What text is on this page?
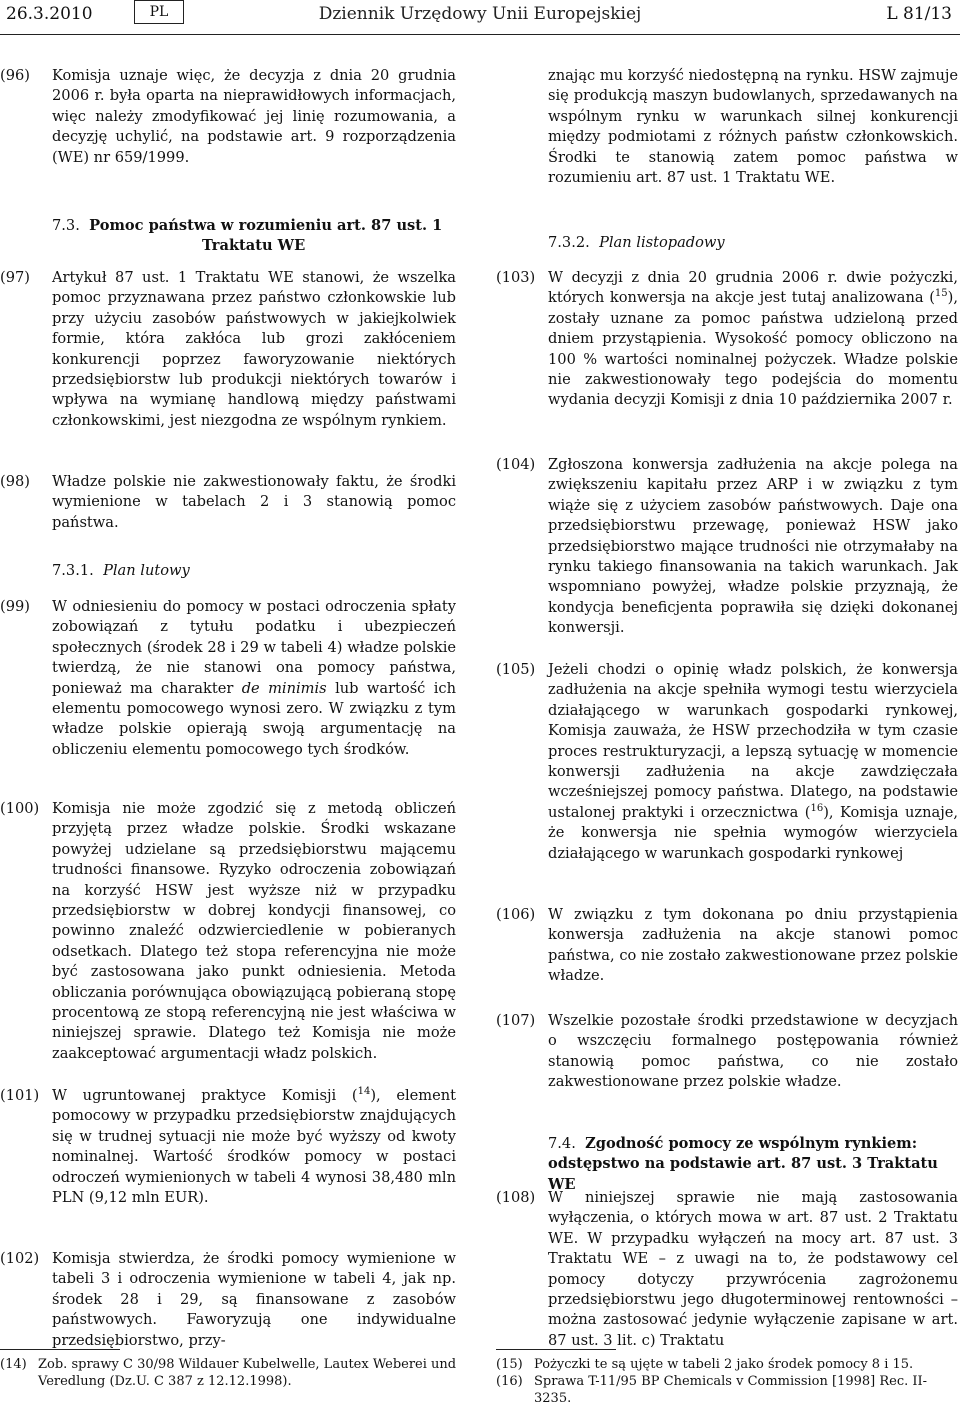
26.3.2010	PL	Dziennik Urzędowy Unii Europejskiej	L 81/13
(96) Komisja uznaje więc, że decyzja z dnia 20 grudnia 2006 r. była oparta na nieprawidłowych informacjach, więc należy zmodyfikować jej linię rozumowania, a decyzję uchylić, na podstawie art. 9 rozporządzenia (WE) nr 659/1999.
7.3. Pomoc państwa w rozumieniu art. 87 ust. 1
Traktatu WE
(97) Artykuł 87 ust. 1 Traktatu WE stanowi, że wszelka pomoc przyznawana przez państwo członkowskie lub przy użyciu zasobów państwowych w jakiejkolwiek formie, która zakłóca lub grozi zakłóceniem konkurencji poprzez faworyzowanie niektórych przedsiębiorstw lub produkcji niektórych towarów i wpływa na wymianę handlową między państwami członkowskimi, jest niezgodna ze wspólnym rynkiem.
(98) Władze polskie nie zakwestionowały faktu, że środki wymienione w tabelach 2 i 3 stanowią pomoc państwa.
7.3.1. Plan lutowy
(99) W odniesieniu do pomocy w postaci odroczenia spłaty zobowiązań z tytułu podatku i ubezpieczeń społecznych (środek 28 i 29 w tabeli 4) władze polskie twierdzą, że nie stanowi ona pomocy państwa, ponieważ ma charakter de minimis lub wartość ich elementu pomocowego wynosi zero. W związku z tym władze polskie opierają swoją argumentację na obliczeniu elementu pomocowego tych środków.
(100) Komisja nie może zgodzić się z metodą obliczeń przyjętą przez władze polskie. Środki wskazane powyżej udzielane są przedsiębiorstwu mającemu trudności finansowe. Ryzyko odroczenia zobowiązań na korzyść HSW jest wyższe niż w przypadku przedsiębiorstw w dobrej kondycji finansowej, co powinno znaleźć odzwierciedlenie w pobieranych odsetkach. Dlatego też stopa referencyjna nie może być zastosowana jako punkt odniesienia. Metoda obliczania porównująca obowiązującą pobieraną stopę procentową ze stopą referencyjną nie jest właściwa w niniejszej sprawie. Dlatego też Komisja nie może zaakceptować argumentacji władz polskich.
(101) W ugruntowanej praktyce Komisji ($^{14}$), element pomocowy w przypadku przedsiębiorstw znajdujących się w trudnej sytuacji nie może być wyższy od kwoty nominalnej. Wartość środków pomocy w postaci odroczeń wymienionych w tabeli 4 wynosi 38,480 mln PLN (9,12 mln EUR).
(102) Komisja stwierdza, że środki pomocy wymienione w tabeli 3 i odroczenia wymienione w tabeli 4, jak np. środek 28 i 29, są finansowane z zasobów państwowych. Faworyzują one indywidualne przedsiębiorstwo, przy-
(14) Zob. sprawy C 30/98 Wildauer Kubelwelle, Lautex Weberei und
Veredlung (Dz.U. C 387 z 12.12.1998).
znając mu korzyść niedostępną na rynku. HSW zajmuje się produkcją maszyn budowlanych, sprzedawanych na wspólnym rynku w warunkach silnej konkurencji między podmiotami z różnych państw członkowskich. Środki te stanowią zatem pomoc państwa w rozumieniu art. 87 ust. 1 Traktatu WE.
7.3.2. Plan listopadowy
(103) W decyzji z dnia 20 grudnia 2006 r. dwie pożyczki, których konwersja na akcje jest tutaj analizowana ($^{15}$), zostały uznane za pomoc państwa udzieloną przed dniem przystąpienia. Wysokość pomocy obliczono na 100 % wartości nominalnej pożyczek. Władze polskie nie zakwestionowały tego podejścia do momentu wydania decyzji Komisji z dnia 10 października 2007 r.
(104) Zgłoszona konwersja zadłużenia na akcje polega na zwiększeniu kapitału przez ARP i w związku z tym wiąże się z użyciem zasobów państwowych. Daje ona przedsiębiorstwu przewagę, ponieważ HSW jako przedsiębiorstwo mające trudności nie otrzymałaby na rynku takiego finansowania na takich warunkach. Jak wspomniano powyżej, władze polskie przyznają, że kondycja beneficjenta poprawiła się dzięki dokonanej konwersji.
(105) Jeżeli chodzi o opinię władz polskich, że konwersja zadłużenia na akcje spełniła wymogi testu wierzyciela działającego w warunkach gospodarki rynkowej, Komisja zauważa, że HSW przechodziła w tym czasie proces restrukturyzacji, a lepszą sytuację w momencie konwersji zadłużenia na akcje zawdzięczała wcześniejszej pomocy państwa. Dlatego, na podstawie ustalonej praktyki i orzecznictwa ($^{16}$), Komisja uznaje, że konwersja nie spełnia wymogów wierzyciela działającego w warunkach gospodarki rynkowej
(106) W związku z tym dokonana po dniu przystąpienia konwersja zadłużenia na akcje stanowi pomoc państwa, co nie zostało zakwestionowane przez polskie władze.
(107) Wszelkie pozostałe środki przedstawione w decyzjach o wszczęciu formalnego postępowania również stanowią pomoc państwa, co nie zostało zakwestionowane przez polskie władze.
7.4. Zgodność pomocy ze wspólnym rynkiem:
odstępstwo na podstawie art. 87 ust. 3 Traktatu WE
(108) W niniejszej sprawie nie mają zastosowania wyłączenia, o których mowa w art. 87 ust. 2 Traktatu WE. W przypadku wyłączeń na mocy art. 87 ust. 3 Traktatu WE – z uwagi na to, że podstawowy cel pomocy dotyczy przywrócenia zagrożonemu przedsiębiorstwu jego długoterminowej rentowności – można zastosować jedynie wyłączenie zapisane w art. 87 ust. 3 lit. c) Traktatu
(15) Pożyczki te są ujęte w tabeli 2 jako środek pomocy 8 i 15.
(16) Sprawa T-11/95 BP Chemicals v Commission [1998] Rec. II-3235.
